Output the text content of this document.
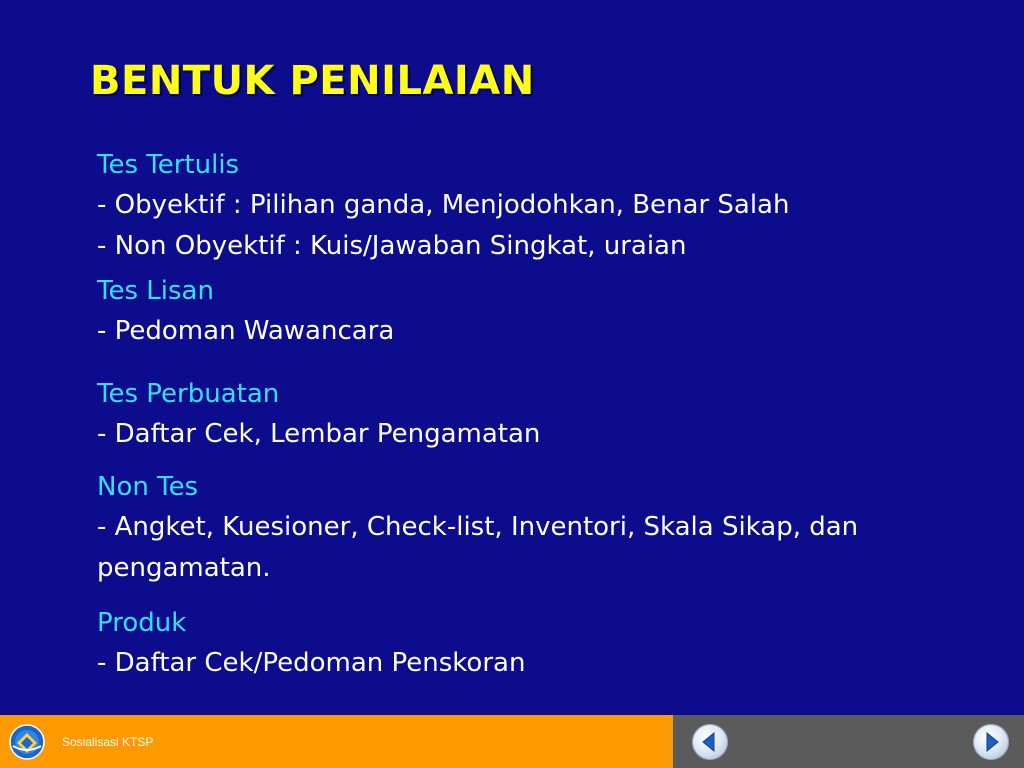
BENTUK PENILAIAN
Tes Tertulis
- Obyektif : Pilihan ganda, Menjodohkan, Benar Salah
- Non Obyektif : Kuis/Jawaban Singkat, uraian
Tes Lisan
- Pedoman Wawancara
Tes Perbuatan
- Daftar Cek, Lembar Pengamatan
Non Tes
- Angket, Kuesioner, Check-list, Inventori, Skala Sikap, dan pengamatan.
Produk
- Daftar Cek/Pedoman Penskoran
Sosialisasi KTSP
